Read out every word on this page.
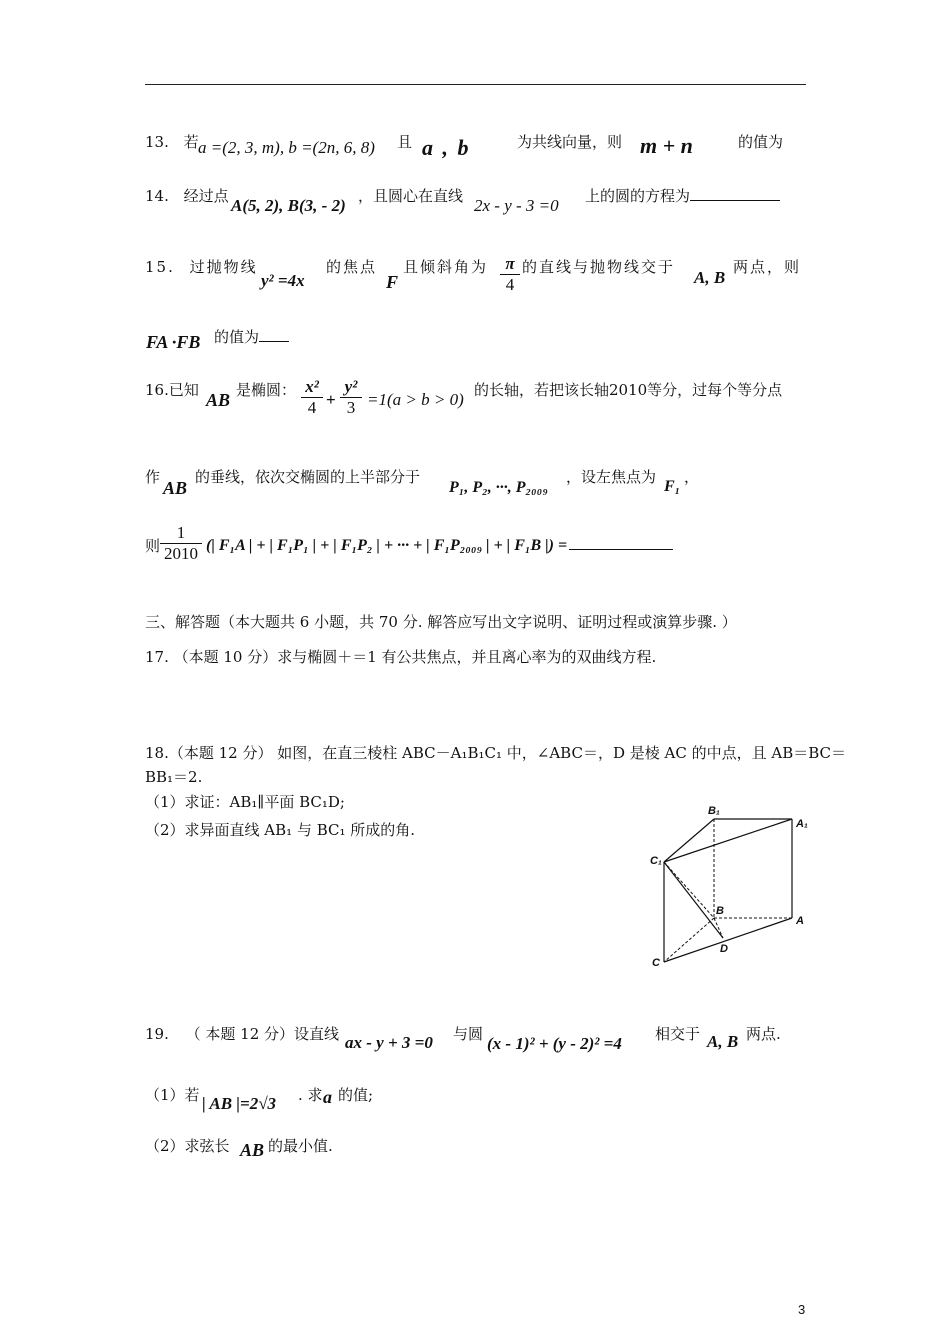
13. 若 a =(2, 3, m), b =(2n, 6, 8) 且 a , b	为共线向量，则 m + n	的值为
14. 经过点 A(5, 2), B(3, - 2) ，且圆心在直线 2x - y - 3 =0 上的圆的方程为
15. 过抛物线
y² =4x
的焦点
F
且倾斜角为	π
4
的直线与抛物线交于
A, B
两点，则
FA ·FB 的值为
16.已知 AB 是椭圆： x²
4 +
y²
3 =1(a > b > 0) 的长轴，若把该长轴2010等分，过每个等分点
作
AB
的垂线，依次交椭圆的上半部分于
P₁, P₂, ···, P₂₀₀₉
，设左焦点为
F₁
，
则
1
2010 (| F₁A | + | F₁P₁ | + | F₁P₂ | + ··· + | F₁P₂₀₀₉ | + | F₁B |) =
三、解答题（本大题共 6 小题，共 70 分. 解答应写出文字说明、证明过程或演算步骤. ）
17. （本题 10 分）求与椭圆＋＝1 有公共焦点，并且离心率为的双曲线方程.
18.（本题 12 分） 如图，在直三棱柱 ABC－A₁B₁C₁ 中，∠ABC＝，D 是棱 AC 的中点，且 AB＝BC＝
BB₁＝2.
（1）求证：AB₁∥平面 BC₁D;
（2）求异面直线 AB₁ 与 BC₁ 所成的角.
B₁
A₁
C₁
B
A
C
D
19. （ 本题 12 分）设直线 ax - y + 3 =0 与圆 (x - 1)² + (y - 2)² =4 相交于 A, B 两点.
（1）若 | AB |=2√3 . 求 a 的值;
（2）求弦长 AB 的最小值.
3
